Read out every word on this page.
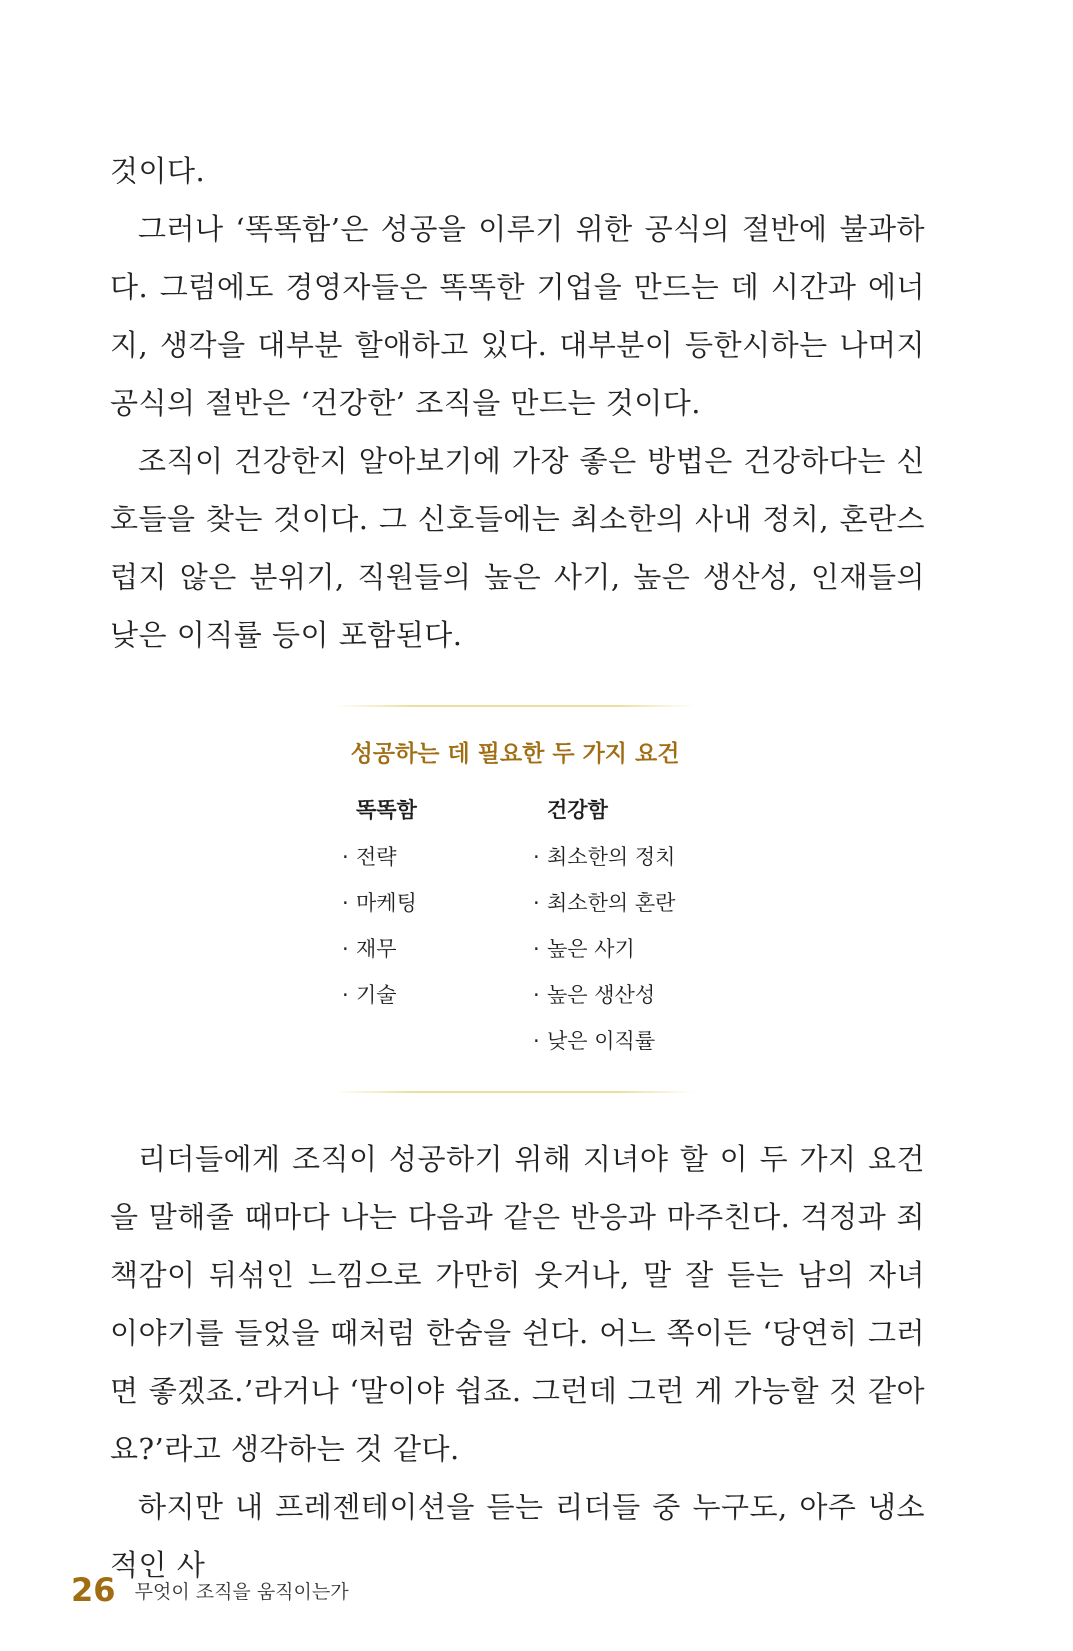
것이다.

그러나 ‘똑똑함’은 성공을 이루기 위한 공식의 절반에 불과하다. 그럼에도 경영자들은 똑똑한 기업을 만드는 데 시간과 에너지, 생각을 대부분 할애하고 있다. 대부분이 등한시하는 나머지 공식의 절반은 ‘건강한’ 조직을 만드는 것이다.

조직이 건강한지 알아보기에 가장 좋은 방법은 건강하다는 신호들을 찾는 것이다. 그 신호들에는 최소한의 사내 정치, 혼란스럽지 않은 분위기, 직원들의 높은 사기, 높은 생산성, 인재들의 낮은 이직률 등이 포함된다.

성공하는 데 필요한 두 가지 요건
똑똑함
· 전략
· 마케팅
· 재무
· 기술
건강함
· 최소한의 정치
· 최소한의 혼란
· 높은 사기
· 높은 생산성
· 낮은 이직률

리더들에게 조직이 성공하기 위해 지녀야 할 이 두 가지 요건을 말해줄 때마다 나는 다음과 같은 반응과 마주친다. 걱정과 죄책감이 뒤섞인 느낌으로 가만히 웃거나, 말 잘 듣는 남의 자녀 이야기를 들었을 때처럼 한숨을 쉰다. 어느 쪽이든 ‘당연히 그러면 좋겠죠.’라거나 ‘말이야 쉽죠. 그런데 그런 게 가능할 것 같아요?’라고 생각하는 것 같다.

하지만 내 프레젠테이션을 듣는 리더들 중 누구도, 아주 냉소적인 사

26 무엇이 조직을 움직이는가
